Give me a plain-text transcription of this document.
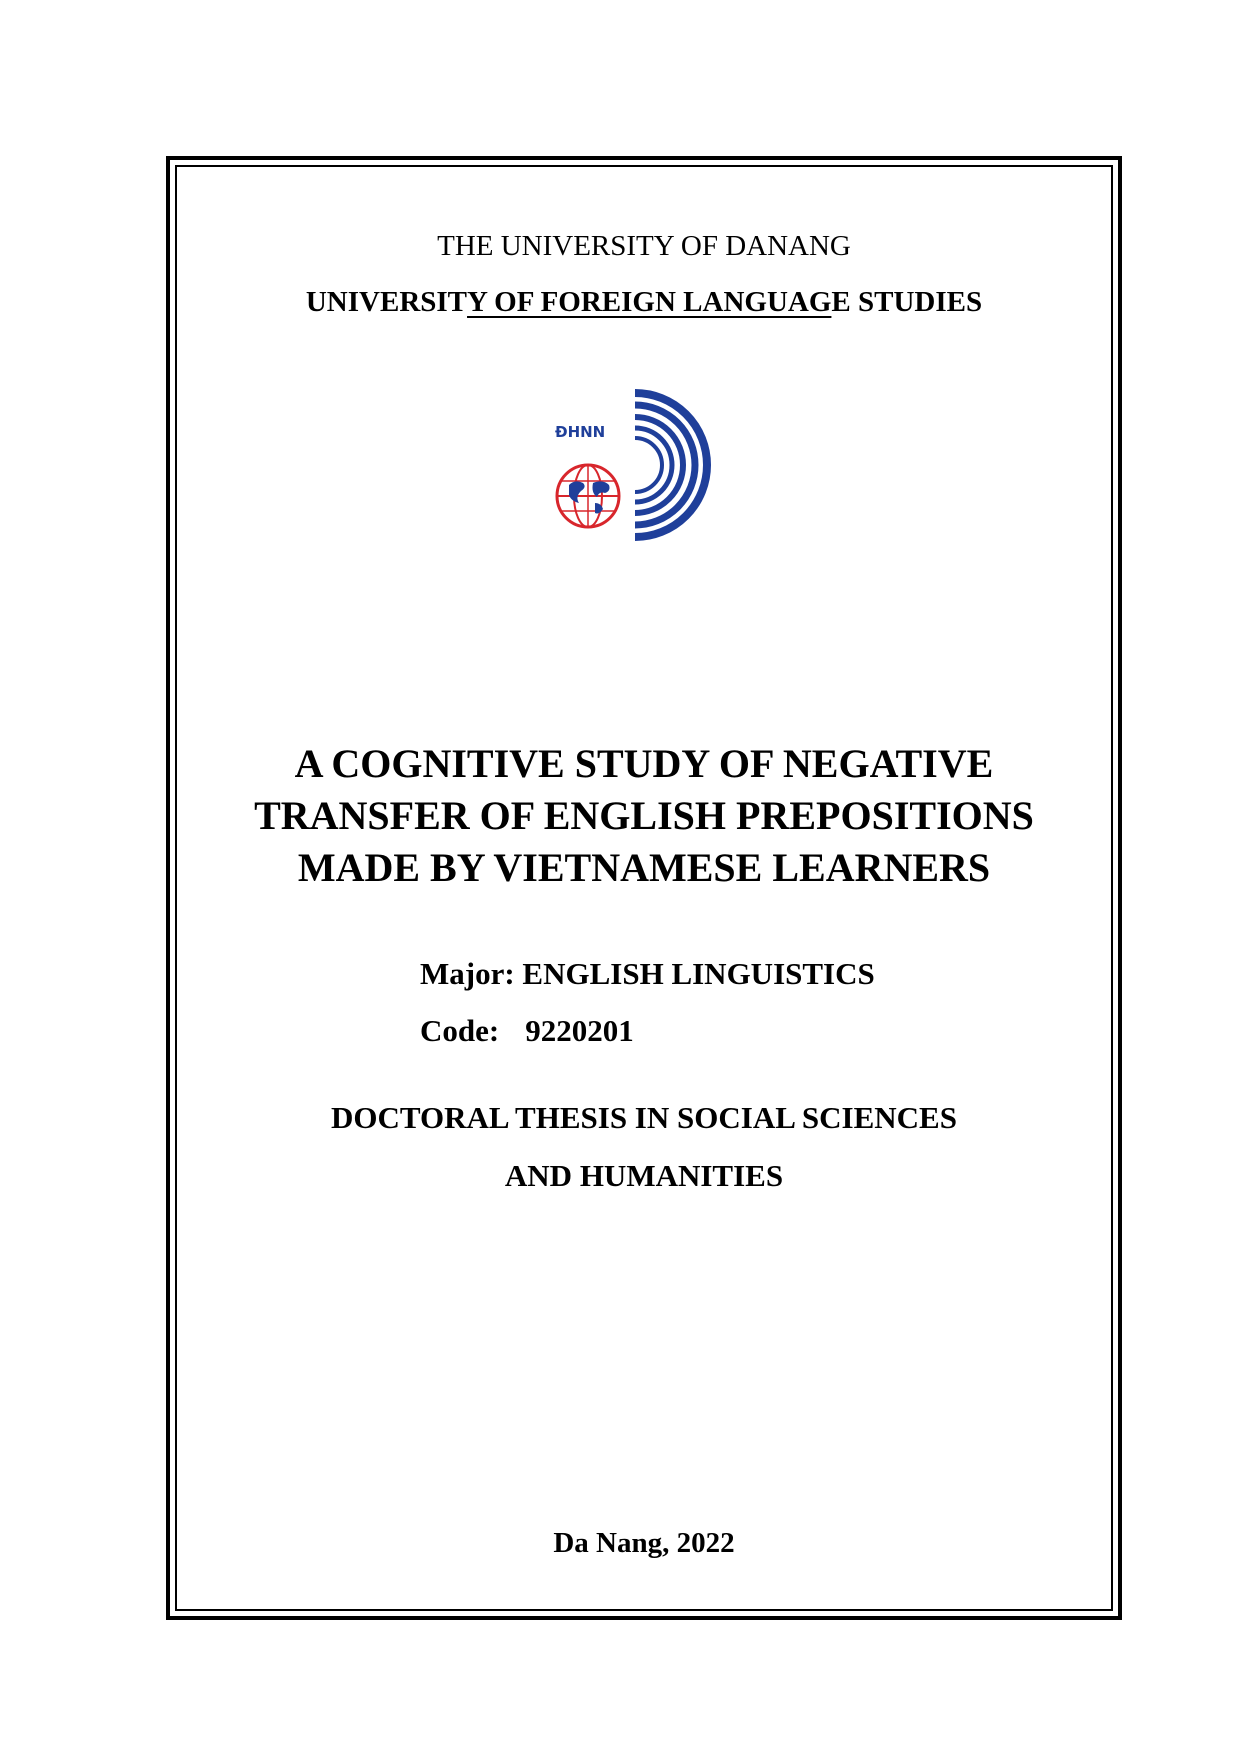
THE UNIVERSITY OF DANANG
UNIVERSITY OF FOREIGN LANGUAGE STUDIES
ĐHNN
A COGNITIVE STUDY OF NEGATIVE
TRANSFER OF ENGLISH PREPOSITIONS
MADE BY VIETNAMESE LEARNERS
Major: ENGLISH LINGUISTICS
Code: 9220201
DOCTORAL THESIS IN SOCIAL SCIENCES
AND HUMANITIES
Da Nang, 2022
